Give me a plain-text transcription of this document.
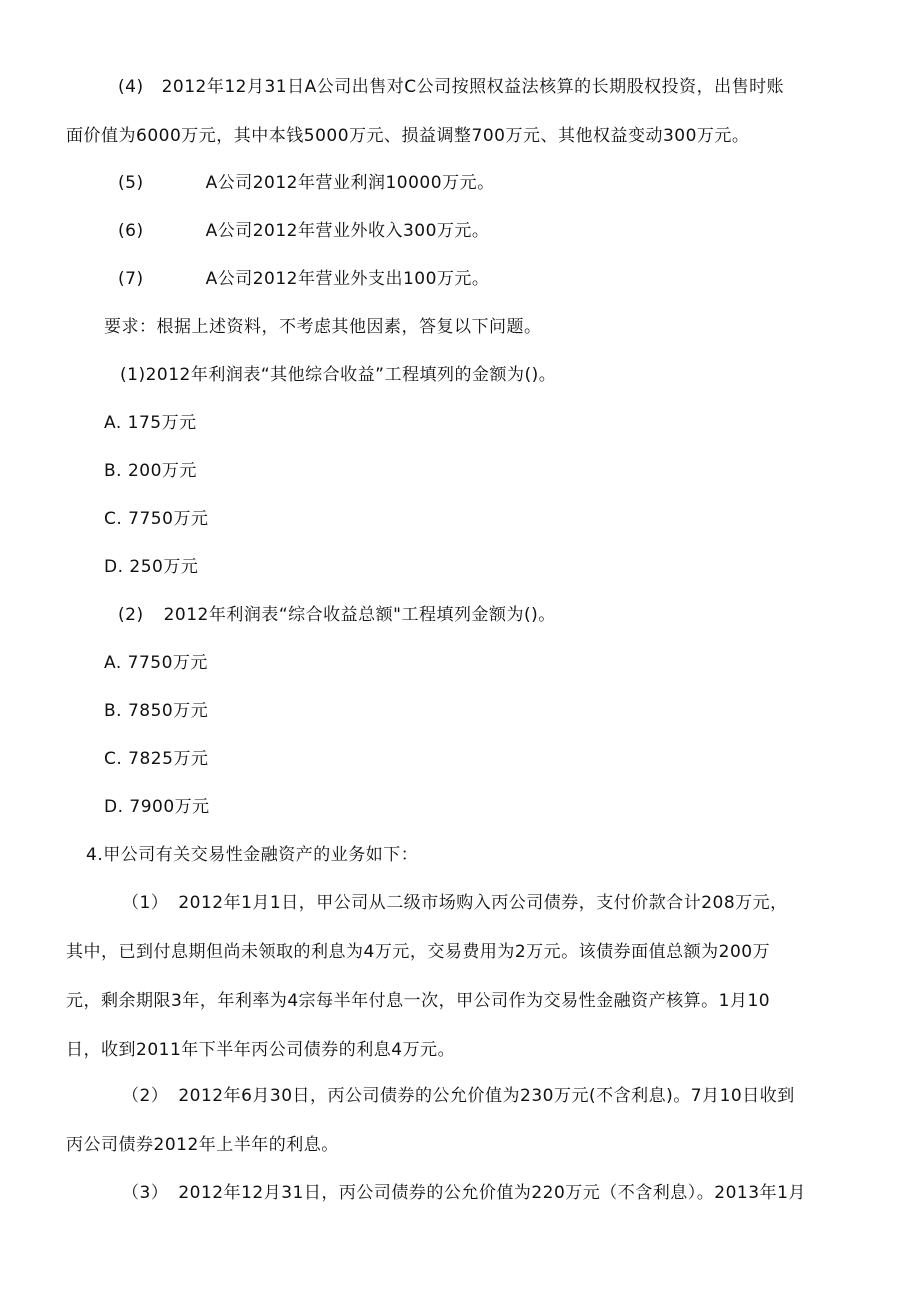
(4) 2012年12月31日A公司出售对C公司按照权益法核算的长期股权投资，出售时账
面价值为6000万元，其中本钱5000万元、损益调整700万元、其他权益变动300万元。
(5)	A公司2012年营业利润10000万元。
(6)	A公司2012年营业外收入300万元。
(7)	A公司2012年营业外支出100万元。
要求：根据上述资料，不考虑其他因素，答复以下问题。
(1)2012年利润表“其他综合收益”工程填列的金额为()。
A. 175万元
B. 200万元
C. 7750万元
D. 250万元
(2) 2012年利润表“综合收益总额"工程填列金额为()。
A. 7750万元
B. 7850万元
C. 7825万元
D. 7900万元
4.甲公司有关交易性金融资产的业务如下：
（1） 2012年1月1日，甲公司从二级市场购入丙公司债券，支付价款合计208万元，
其中，已到付息期但尚未领取的利息为4万元，交易费用为2万元。该债券面值总额为200万
元，剩余期限3年，年利率为4宗每半年付息一次，甲公司作为交易性金融资产核算。1月10
日，收到2011年下半年丙公司债券的利息4万元。
（2） 2012年6月30日，丙公司债券的公允价值为230万元(不含利息)。7月10日收到
丙公司债券2012年上半年的利息。
（3） 2012年12月31日，丙公司债券的公允价值为220万元（不含利息）。2013年1月
